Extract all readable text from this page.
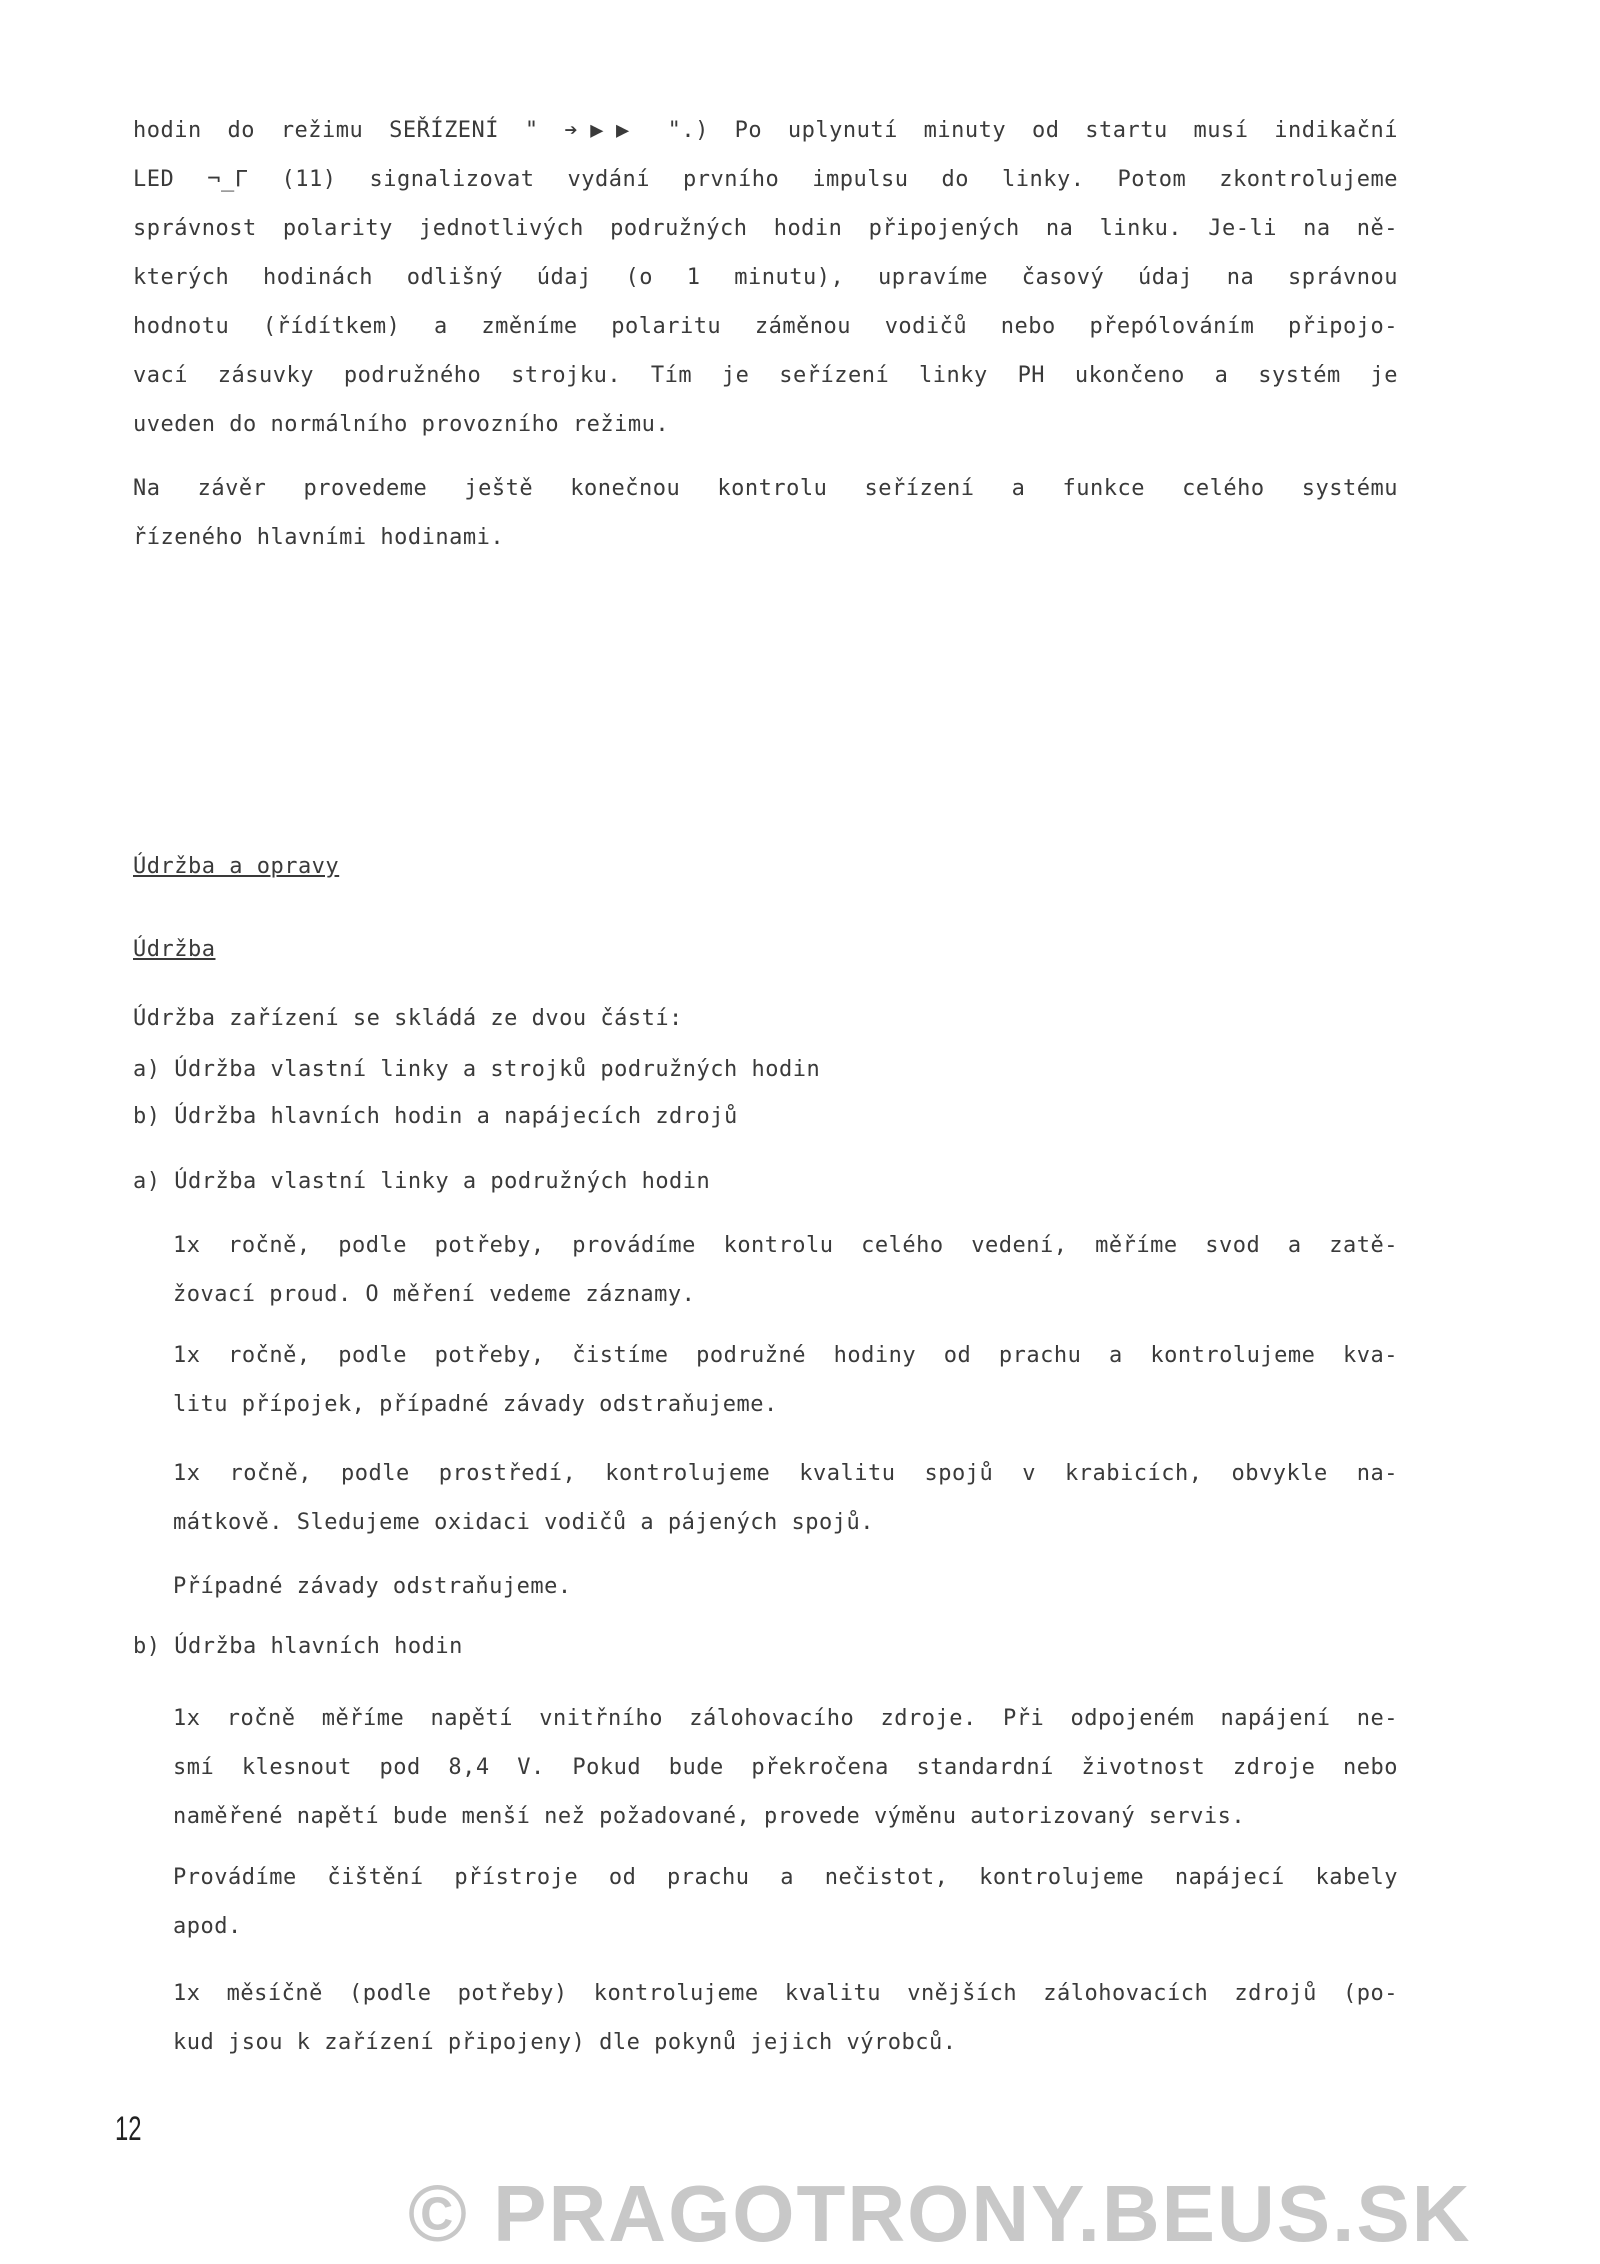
hodin do režimu SEŘÍZENÍ " ➔▶▶ ".) Po uplynutí minuty od startu musí indikační
LED ¬_Γ (11) signalizovat vydání prvního impulsu do linky. Potom zkontrolujeme
správnost polarity jednotlivých podružných hodin připojených na linku. Je-li na ně-
kterých hodinách odlišný údaj (o 1 minutu), upravíme časový údaj na správnou
hodnotu (řídítkem) a změníme polaritu záměnou vodičů nebo přepólováním připojo-
vací zásuvky podružného strojku. Tím je seřízení linky PH ukončeno a systém je
uveden do normálního provozního režimu.
Na závěr provedeme ještě konečnou kontrolu seřízení a funkce celého systému
řízeného hlavními hodinami.
Údržba a opravy
Údržba
Údržba zařízení se skládá ze dvou částí:
a) Údržba vlastní linky a strojků podružných hodin
b) Údržba hlavních hodin a napájecích zdrojů
a) Údržba vlastní linky a podružných hodin
1x ročně, podle potřeby, provádíme kontrolu celého vedení, měříme svod a zatě-
žovací proud. O měření vedeme záznamy.
1x ročně, podle potřeby, čistíme podružné hodiny od prachu a kontrolujeme kva-
litu přípojek, případné závady odstraňujeme.
1x ročně, podle prostředí, kontrolujeme kvalitu spojů v krabicích, obvykle na-
mátkově. Sledujeme oxidaci vodičů a pájených spojů.
Případné závady odstraňujeme.
b) Údržba hlavních hodin
1x ročně měříme napětí vnitřního zálohovacího zdroje. Při odpojeném napájení ne-
smí klesnout pod 8,4 V. Pokud bude překročena standardní životnost zdroje nebo
naměřené napětí bude menší než požadované, provede výměnu autorizovaný servis.
Provádíme čištění přístroje od prachu a nečistot, kontrolujeme napájecí kabely
apod.
1x měsíčně (podle potřeby) kontrolujeme kvalitu vnějších zálohovacích zdrojů (po-
kud jsou k zařízení připojeny) dle pokynů jejich výrobců.
12
© PRAGOTRONY.BEUS.SK
